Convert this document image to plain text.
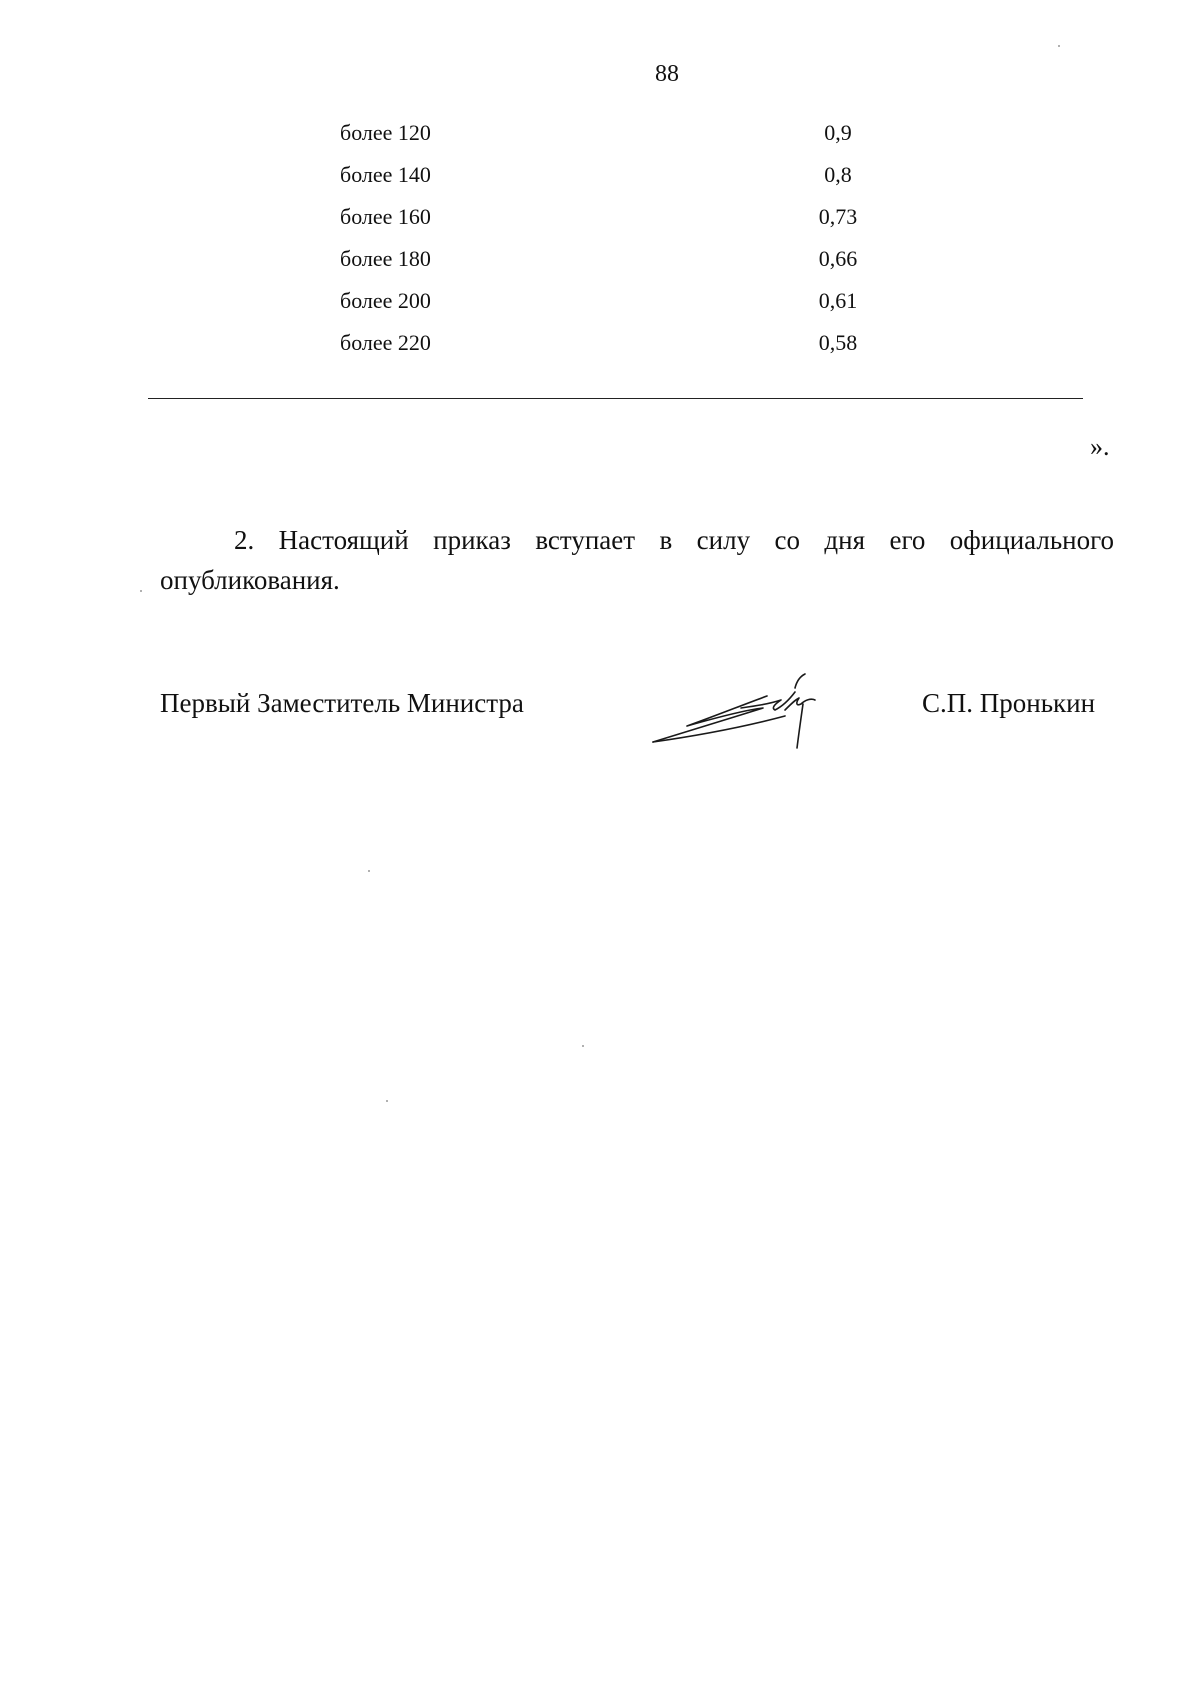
88
более 120	0,9
более 140	0,8
более 160	0,73
более 180	0,66
более 200	0,61
более 220	0,58
».

2. Настоящий приказ вступает в силу со дня его официального опубликования.

Первый Заместитель Министра	С.П. Пронькин
